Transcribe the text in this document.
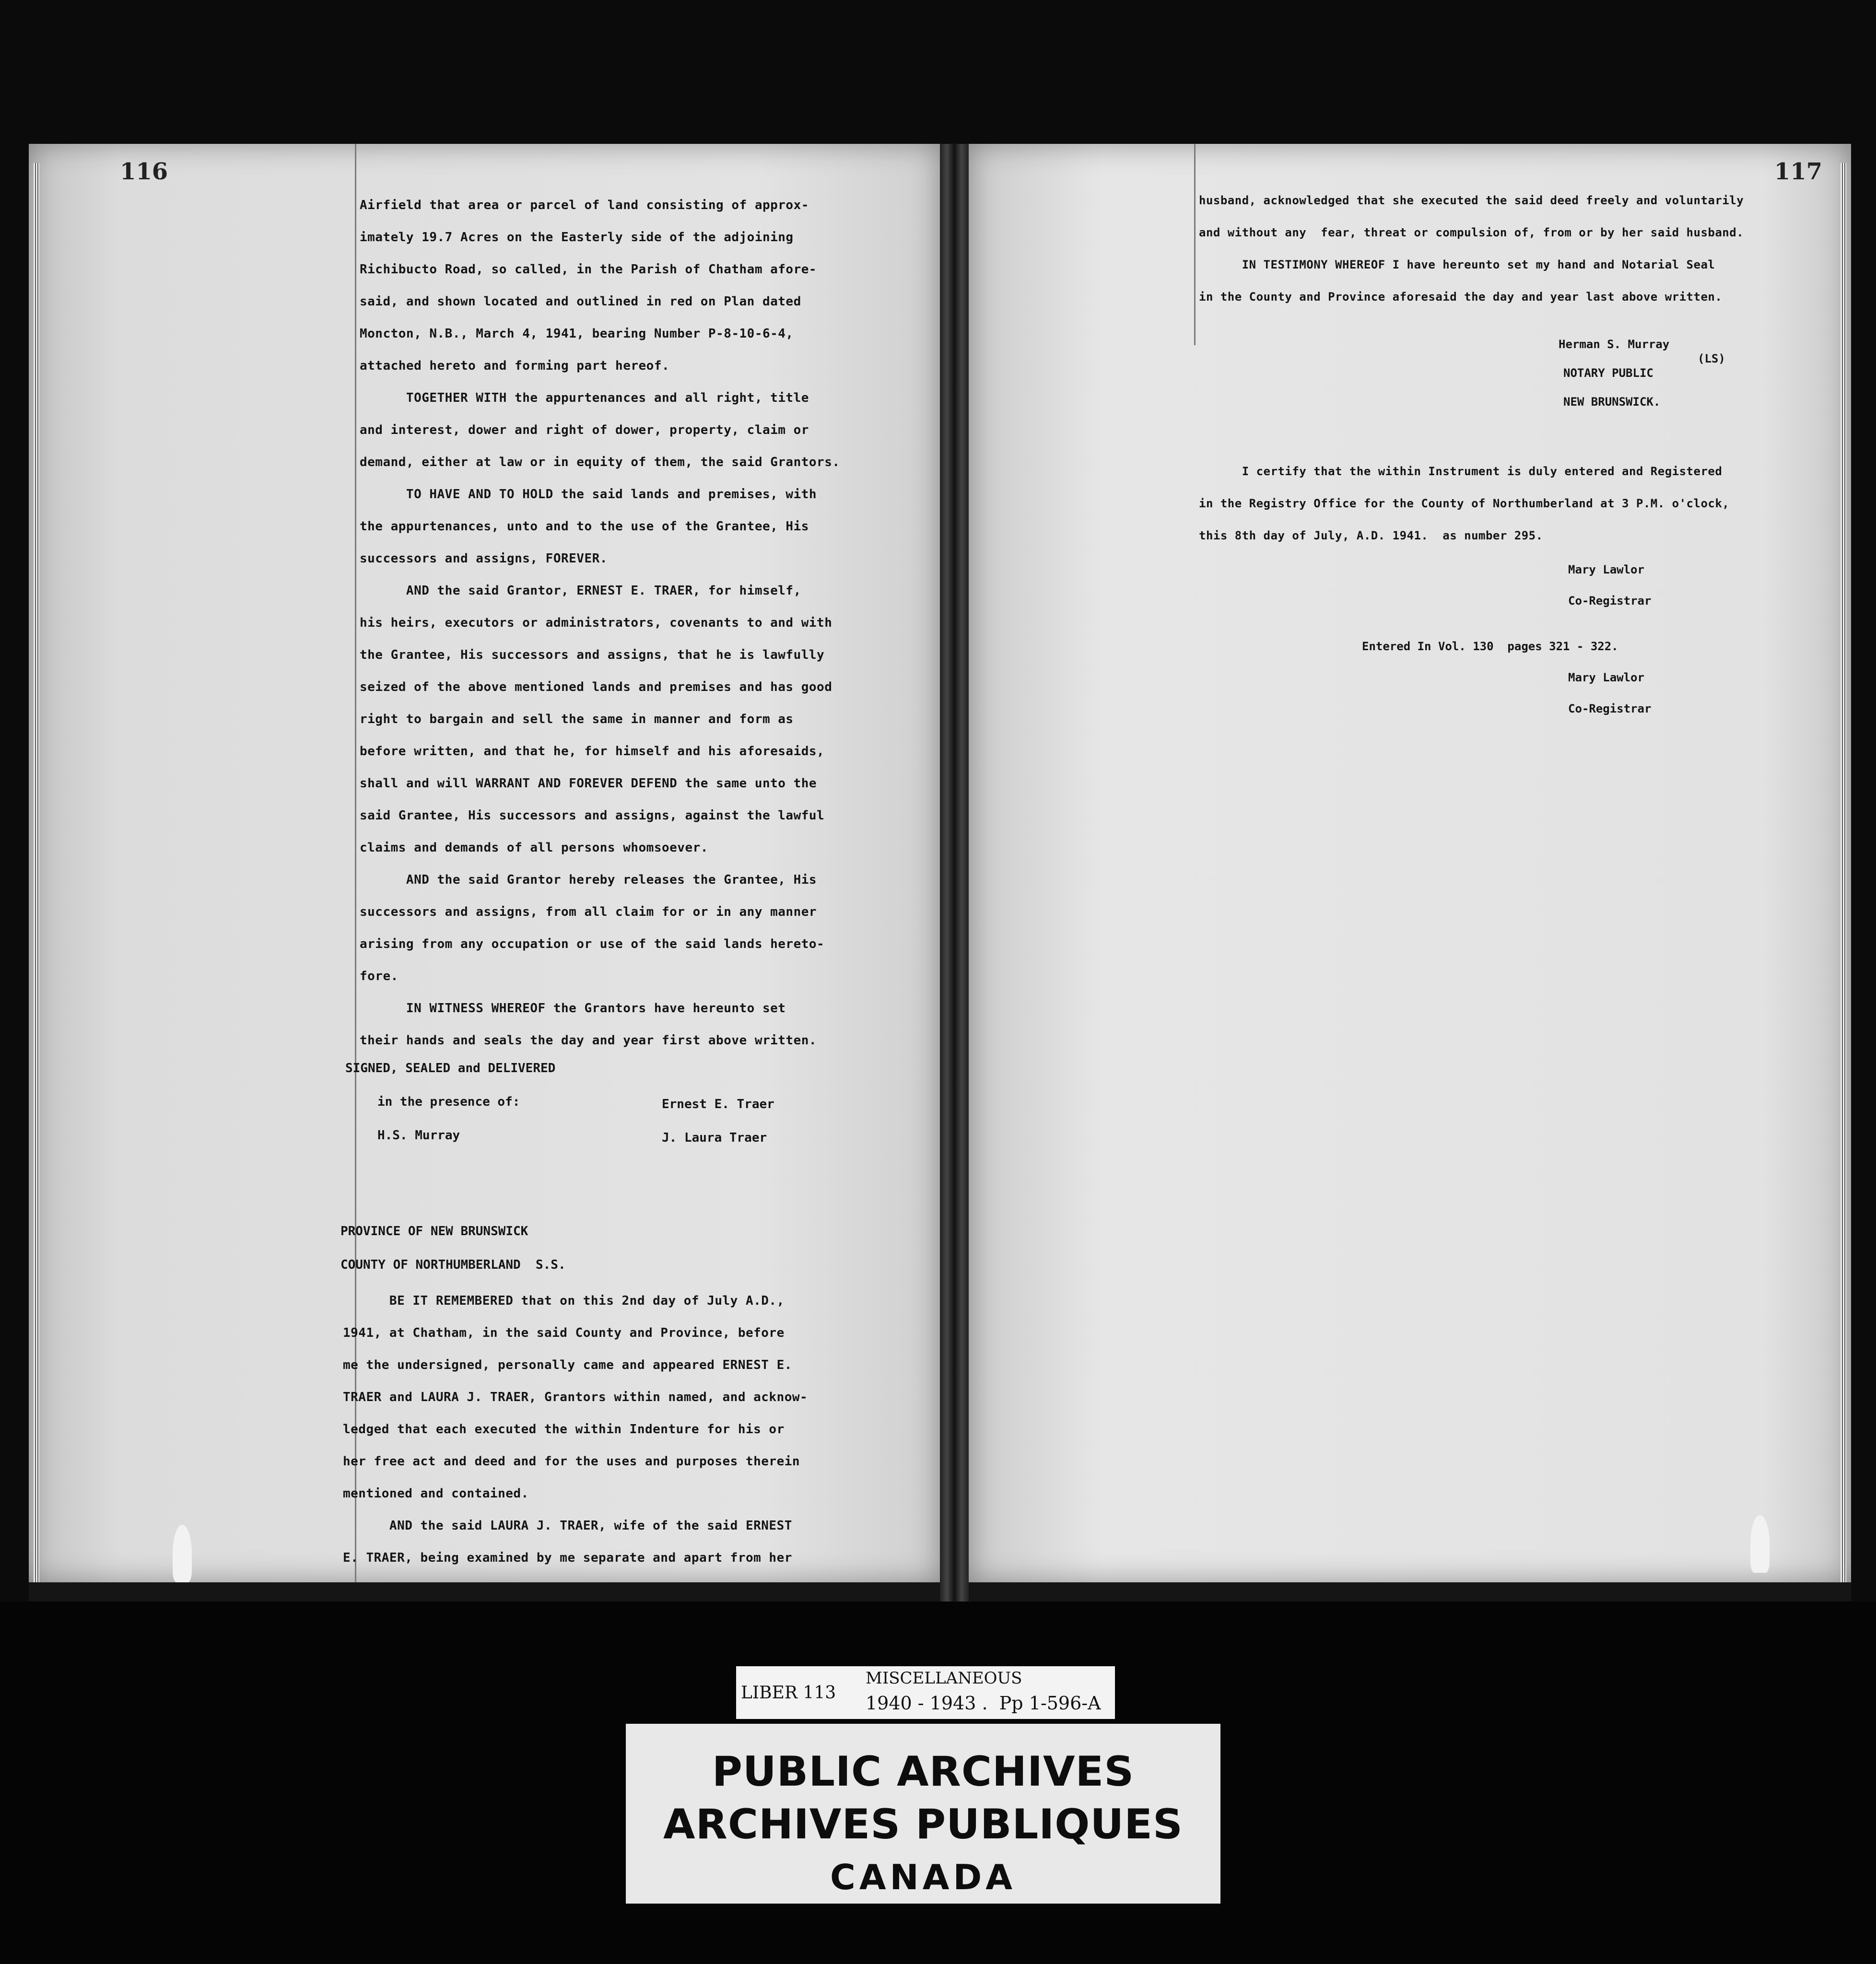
116

Airfield that area or parcel of land consisting of approx-

imately 19.7 Acres on the Easterly side of the adjoining

Richibucto Road, so called, in the Parish of Chatham afore-

said, and shown located and outlined in red on Plan dated

Moncton, N.B., March 4, 1941, bearing Number P-8-10-6-4,

attached hereto and forming part hereof.

TOGETHER WITH the appurtenances and all right, title

and interest, dower and right of dower, property, claim or

demand, either at law or in equity of them, the said Grantors.

TO HAVE AND TO HOLD the said lands and premises, with

the appurtenances, unto and to the use of the Grantee, His

successors and assigns, FOREVER.

AND the said Grantor, ERNEST E. TRAER, for himself,

his heirs, executors or administrators, covenants to and with

the Grantee, His successors and assigns, that he is lawfully

seized of the above mentioned lands and premises and has good

right to bargain and sell the same in manner and form as

before written, and that he, for himself and his aforesaids,

shall and will WARRANT AND FOREVER DEFEND the same unto the

said Grantee, His successors and assigns, against the lawful

claims and demands of all persons whomsoever.

AND the said Grantor hereby releases the Grantee, His

successors and assigns, from all claim for or in any manner

arising from any occupation or use of the said lands hereto-

fore.

IN WITNESS WHEREOF the Grantors have hereunto set

their hands and seals the day and year first above written.

SIGNED, SEALED and DELIVERED
in the presence of:
H.S. Murray
Ernest E. Traer
J. Laura Traer
PROVINCE OF NEW BRUNSWICK
COUNTY OF NORTHUMBERLAND  S.S.

BE IT REMEMBERED that on this 2nd day of July A.D.,

1941, at Chatham, in the said County and Province, before

me the undersigned, personally came and appeared ERNEST E.

TRAER and LAURA J. TRAER, Grantors within named, and acknow-

ledged that each executed the within Indenture for his or

her free act and deed and for the uses and purposes therein

mentioned and contained.

AND the said LAURA J. TRAER, wife of the said ERNEST

E. TRAER, being examined by me separate and apart from her

117

husband, acknowledged that she executed the said deed freely and voluntarily

and without any  fear, threat or compulsion of, from or by her said husband.

IN TESTIMONY WHEREOF I have hereunto set my hand and Notarial Seal

in the County and Province aforesaid the day and year last above written.

Herman S. Murray
(LS)
NOTARY PUBLIC
NEW BRUNSWICK.

I certify that the within Instrument is duly entered and Registered

in the Registry Office for the County of Northumberland at 3 P.M. o'clock,

this 8th day of July, A.D. 1941.  as number 295.

Mary Lawlor
Co-Registrar
Entered In Vol. 130  pages 321 - 322.
Mary Lawlor
Co-Registrar
LIBER 113
MISCELLANEOUS
1940 - 1943 .  Pp 1-596-A
PUBLIC ARCHIVES
ARCHIVES PUBLIQUES
CANADA
